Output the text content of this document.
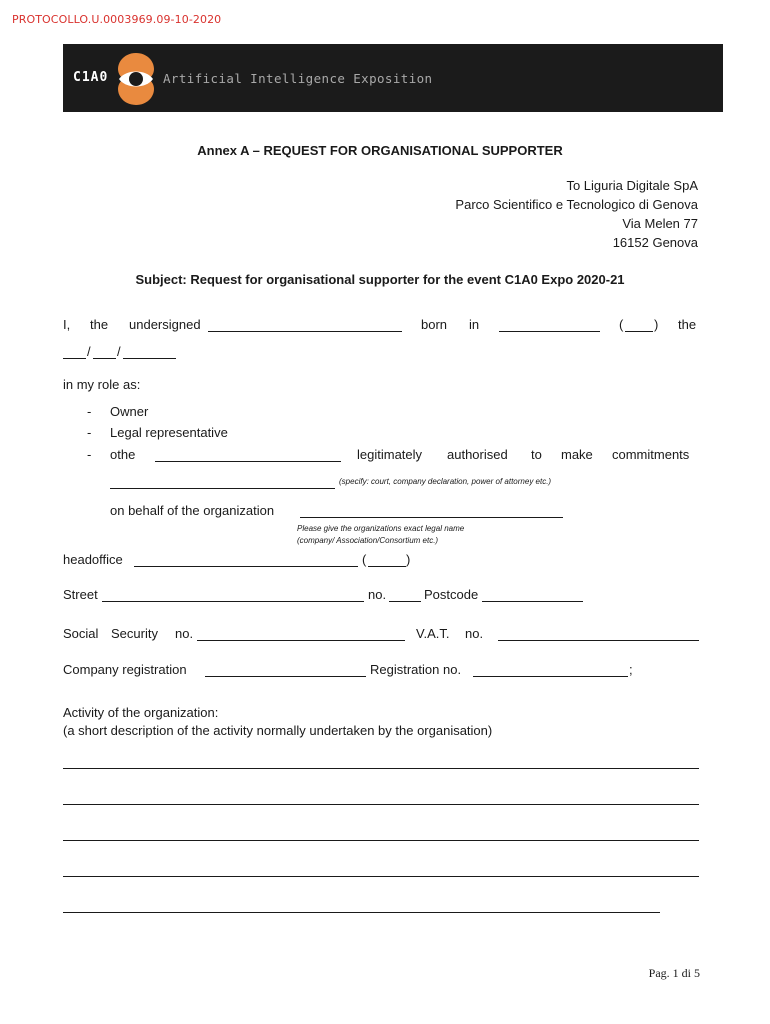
PROTOCOLLO.U.0003969.09-10-2020
C1A0	Artificial Intelligence Exposition
Annex A – REQUEST FOR ORGANISATIONAL SUPPORTER
To Liguria Digitale SpA
Parco Scientifico e Tecnologico di Genova
Via Melen 77
16152 Genova
Subject: Request for organisational supporter for the event C1A0 Expo 2020-21
I, the undersigned	born in	( ) the
/ /
in my role as:
- Owner
- Legal representative
- othe	legitimately authorised to make commitments
(specify: court, company declaration, power of attorney etc.)
on behalf of the organization
Please give the organizations exact legal name
(company/ Association/Consortium etc.)
headoffice	(	)
Street	no.	Postcode
Social Security no.	V.A.T. no.
Company registration	Registration no.	;
Activity of the organization:
(a short description of the activity normally undertaken by the organisation)
Pag. 1 di 5
